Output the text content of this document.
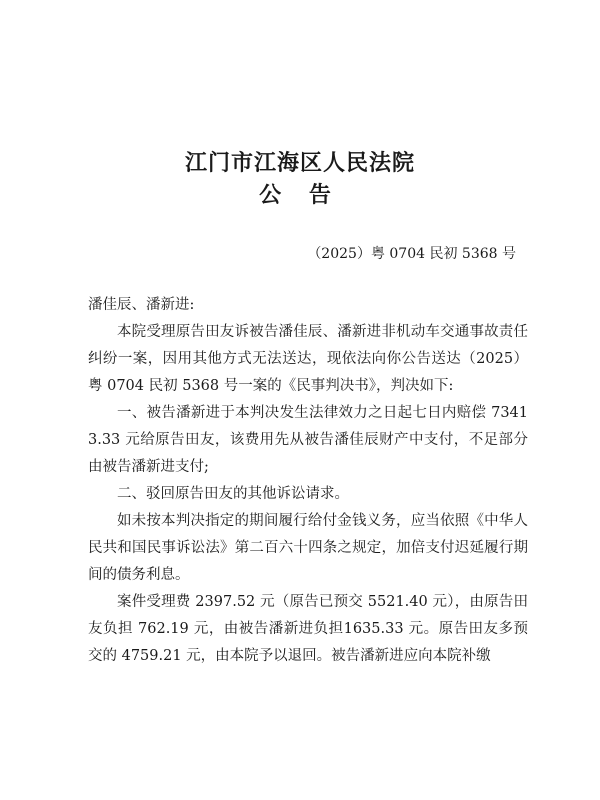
江门市江海区人民法院
公 告
（2025）粤 0704 民初 5368 号

潘佳辰、潘新进:

本院受理原告田友诉被告潘佳辰、潘新进非机动车交通事故责任纠纷一案，因用其他方式无法送达，现依法向你公告送达（2025）粤 0704 民初 5368 号一案的《民事判决书》，判决如下:

一、被告潘新进于本判决发生法律效力之日起七日内赔偿 73413.33 元给原告田友，该费用先从被告潘佳辰财产中支付，不足部分由被告潘新进支付;

二、驳回原告田友的其他诉讼请求。

如未按本判决指定的期间履行给付金钱义务，应当依照《中华人民共和国民事诉讼法》第二百六十四条之规定，加倍支付迟延履行期间的债务利息。

案件受理费 2397.52 元（原告已预交 5521.40 元），由原告田友负担 762.19 元，由被告潘新进负担1635.33 元。原告田友多预交的 4759.21 元，由本院予以退回。被告潘新进应向本院补缴
